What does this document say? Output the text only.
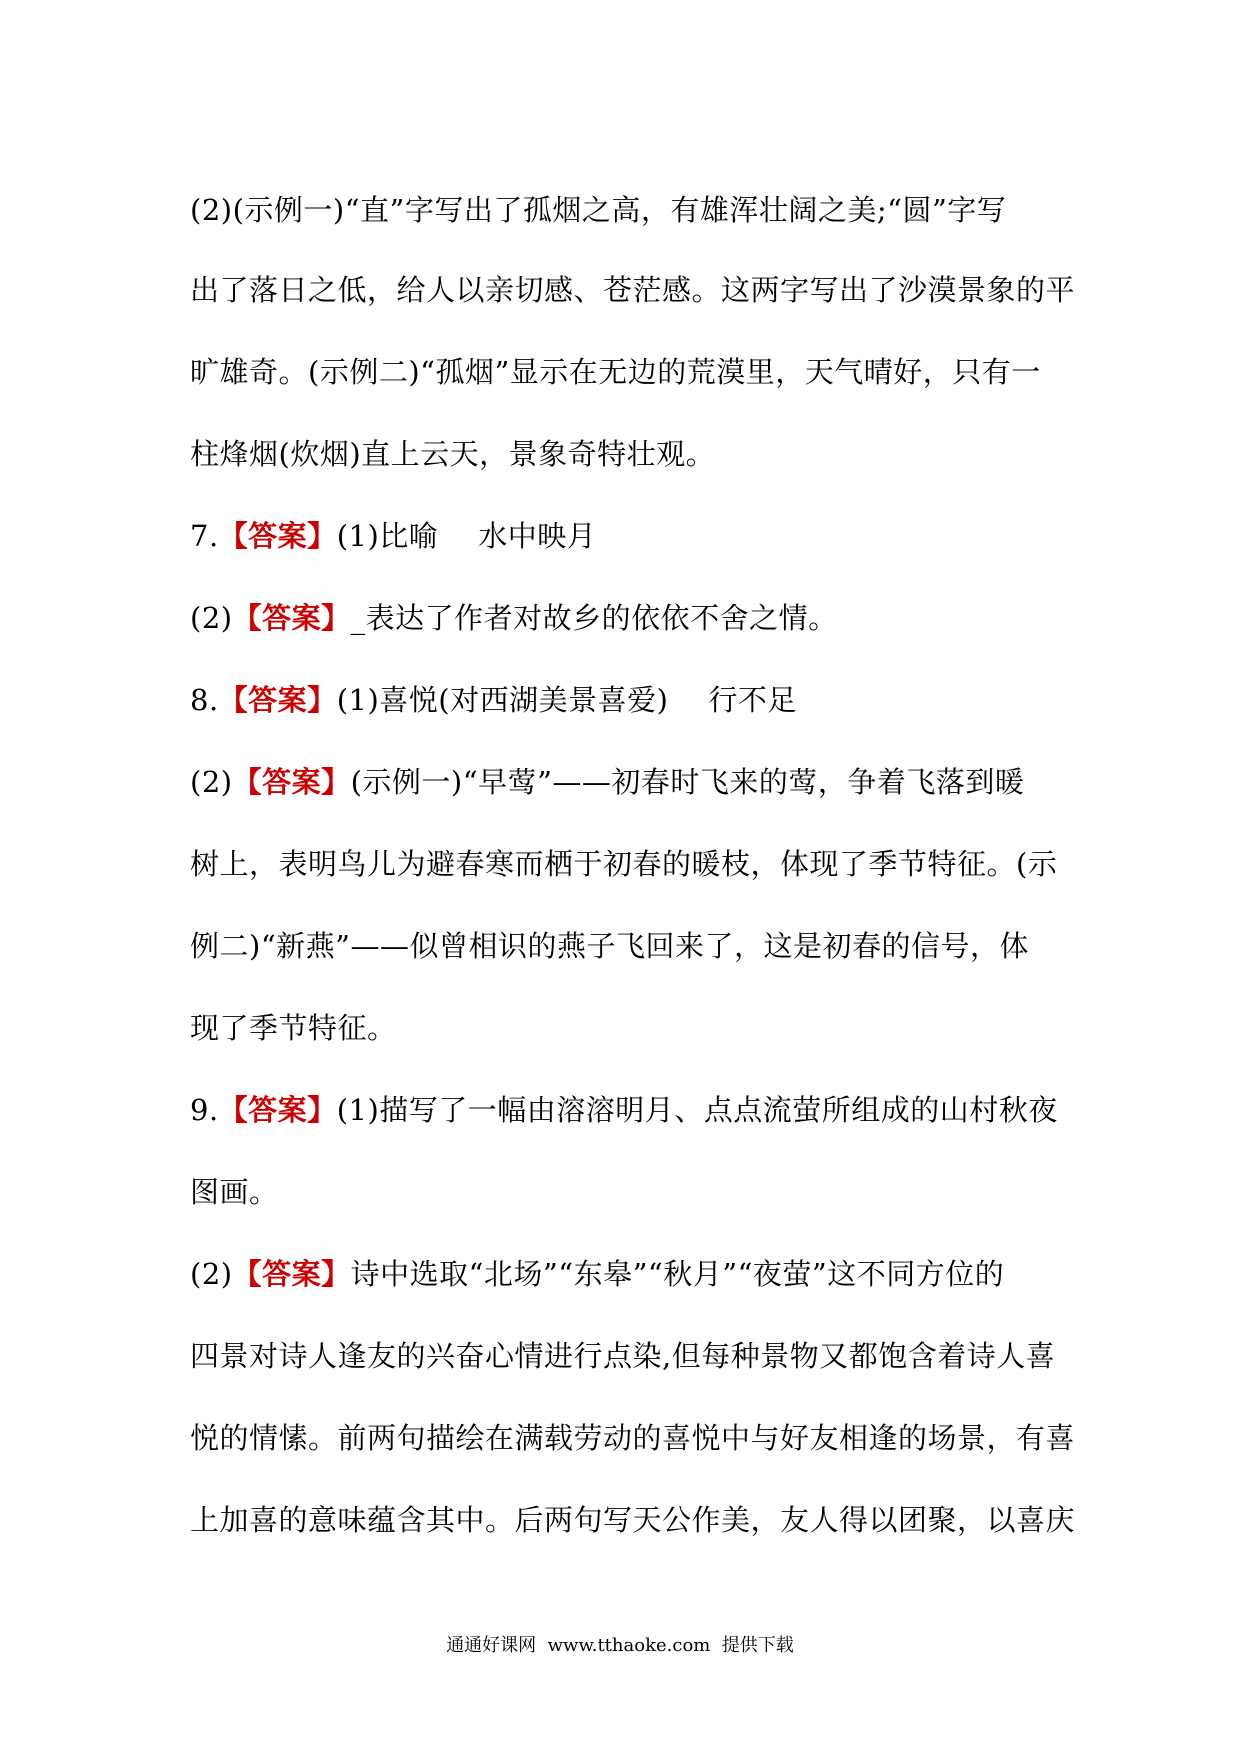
(2)(示例一)“直”字写出了孤烟之高，有雄浑壮阔之美;“圆”字写
出了落日之低，给人以亲切感、苍茫感。这两字写出了沙漠景象的平
旷雄奇。(示例二)“孤烟”显示在无边的荒漠里，天气晴好，只有一
柱烽烟(炊烟)直上云天，景象奇特壮观。
7.【答案】(1)比喻 水中映月
(2)【答案】_表达了作者对故乡的依依不舍之情。
8.【答案】(1)喜悦(对西湖美景喜爱) 行不足
(2)【答案】(示例一)“早莺”——初春时飞来的莺，争着飞落到暖
树上，表明鸟儿为避春寒而栖于初春的暖枝，体现了季节特征。(示
例二)“新燕”——似曾相识的燕子飞回来了，这是初春的信号，体
现了季节特征。
9.【答案】(1)描写了一幅由溶溶明月、点点流萤所组成的山村秋夜
图画。
(2)【答案】诗中选取“北场”“东皋”“秋月”“夜萤”这不同方位的
四景对诗人逢友的兴奋心情进行点染,但每种景物又都饱含着诗人喜
悦的情愫。前两句描绘在满载劳动的喜悦中与好友相逢的场景，有喜
上加喜的意味蕴含其中。后两句写天公作美，友人得以团聚，以喜庆
通通好课网 www.tthaoke.com 提供下载
